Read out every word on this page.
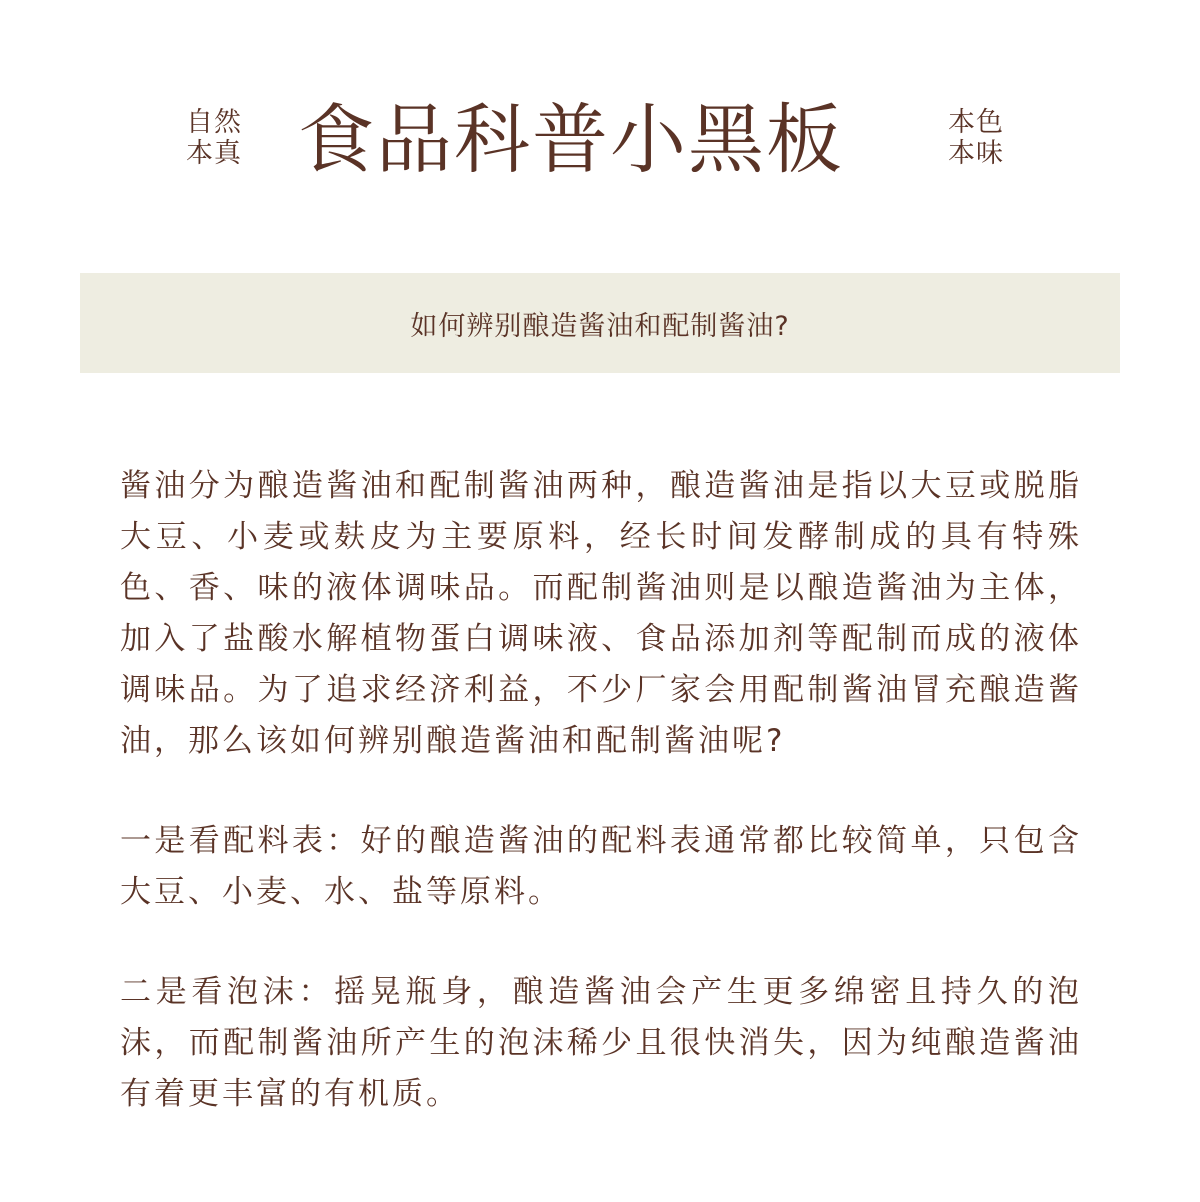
自然
本真 食品科普小黑板	本色
本味
如何辨别酿造酱油和配制酱油?

酱油分为酿造酱油和配制酱油两种，酿造酱油是指以大豆或脱脂大豆、小麦或麸皮为主要原料，经长时间发酵制成的具有特殊色、香、味的液体调味品。而配制酱油则是以酿造酱油为主体，加入了盐酸水解植物蛋白调味液、食品添加剂等配制而成的液体调味品。为了追求经济利益，不少厂家会用配制酱油冒充酿造酱油，那么该如何辨别酿造酱油和配制酱油呢?

一是看配料表：好的酿造酱油的配料表通常都比较简单，只包含大豆、小麦、水、盐等原料。

二是看泡沫：摇晃瓶身，酿造酱油会产生更多绵密且持久的泡沫，而配制酱油所产生的泡沫稀少且很快消失，因为纯酿造酱油有着更丰富的有机质。
